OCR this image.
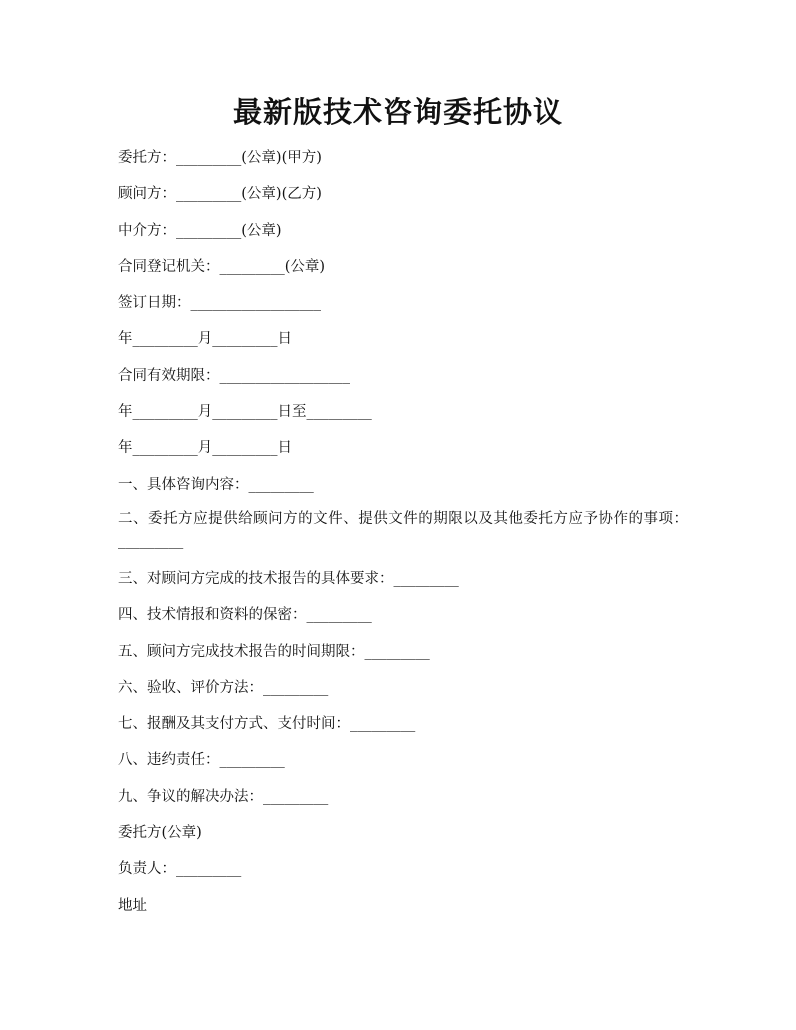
最新版技术咨询委托协议
委托方：_________(公章)(甲方)
顾问方：_________(公章)(乙方)
中介方：_________(公章)
合同登记机关：_________(公章)
签订日期：__________________
年_________月_________日
合同有效期限：__________________
年_________月_________日至_________
年_________月_________日
一、具体咨询内容：_________
二、委托方应提供给顾问方的文件、提供文件的期限以及其他委托方应予协作的事项：_________
三、对顾问方完成的技术报告的具体要求：_________
四、技术情报和资料的保密：_________
五、顾问方完成技术报告的时间期限：_________
六、验收、评价方法：_________
七、报酬及其支付方式、支付时间：_________
八、违约责任：_________
九、争议的解决办法：_________
委托方(公章)
负责人：_________
地址
